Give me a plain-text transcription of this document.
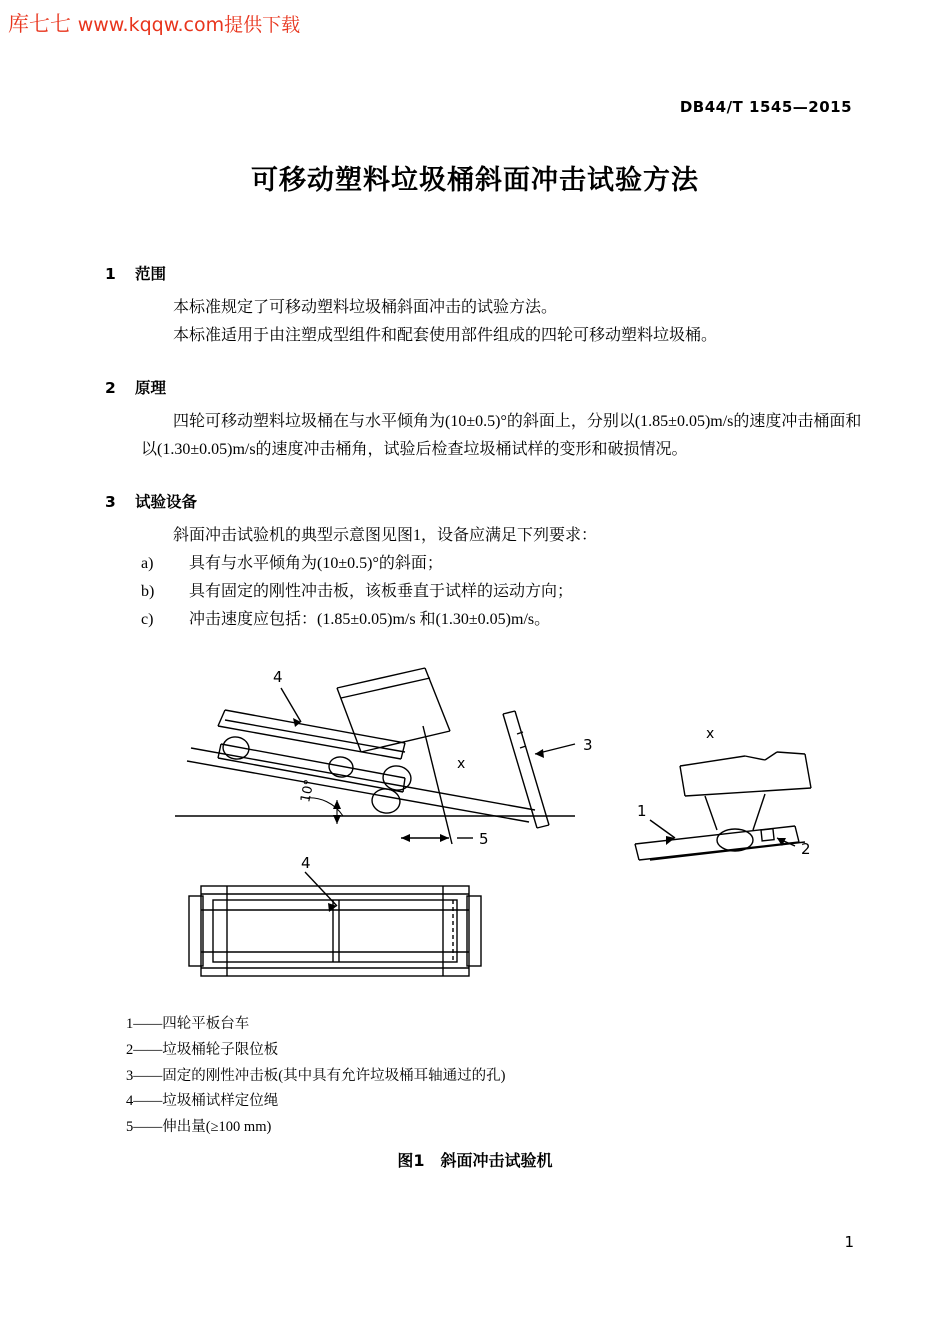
库七七 www.kqqw.com提供下载
DB44/T 1545—2015
可移动塑料垃圾桶斜面冲击试验方法
1 范围
本标准规定了可移动塑料垃圾桶斜面冲击的试验方法。
本标准适用于由注塑成型组件和配套使用部件组成的四轮可移动塑料垃圾桶。
2 原理
四轮可移动塑料垃圾桶在与水平倾角为(10±0.5)°的斜面上，分别以(1.85±0.05)m/s的速度冲击桶面和以(1.30±0.05)m/s的速度冲击桶角，试验后检查垃圾桶试样的变形和破损情况。
3 试验设备
斜面冲击试验机的典型示意图见图1，设备应满足下列要求：
a)	具有与水平倾角为(10±0.5)°的斜面；
b)	具有固定的刚性冲击板，该板垂直于试样的运动方向；
c)	冲击速度应包括：(1.85±0.05)m/s 和(1.30±0.05)m/s。
4
3
5
4
1
2
x
x
10°
1——四轮平板台车
2——垃圾桶轮子限位板
3——固定的刚性冲击板(其中具有允许垃圾桶耳轴通过的孔)
4——垃圾桶试样定位绳
5——伸出量(≥100 mm)
图1　斜面冲击试验机
1
